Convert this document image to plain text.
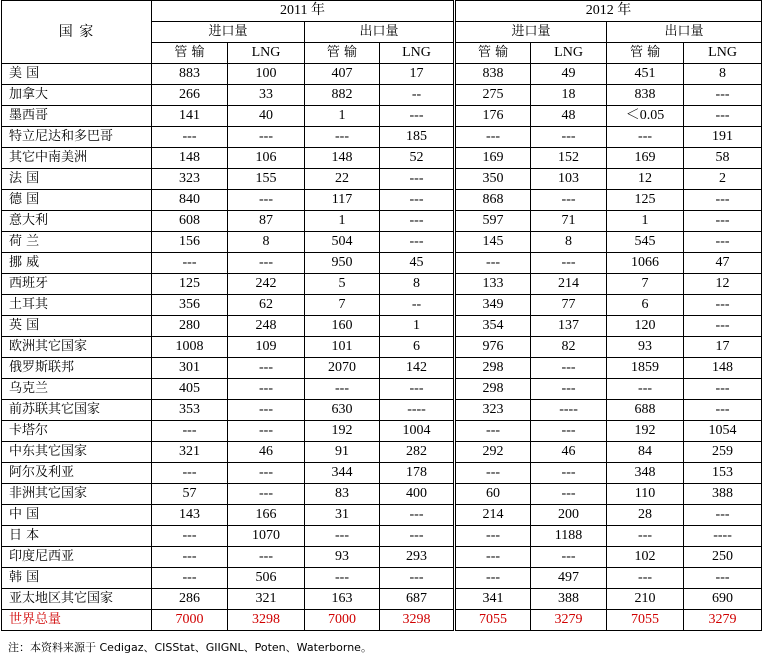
国 家	2011 年				2012 年			
	进口量		出口量		进口量		出口量	
	管 输	LNG	管 输	LNG	管 输	LNG	管 输	LNG
美 国	883	100	407	17	838	49	451	8
加拿大	266	33	882	--	275	18	838	---
墨西哥	141	40	1	---	176	48	＜0.05	---
特立尼达和多巴哥	---	---	---	185	---	---	---	191
其它中南美洲	148	106	148	52	169	152	169	58
法 国	323	155	22	---	350	103	12	2
德 国	840	---	117	---	868	---	125	---
意大利	608	87	1	---	597	71	1	---
荷 兰	156	8	504	---	145	8	545	---
挪 威	---	---	950	45	---	---	1066	47
西班牙	125	242	5	8	133	214	7	12
土耳其	356	62	7	--	349	77	6	---
英 国	280	248	160	1	354	137	120	---
欧洲其它国家	1008	109	101	6	976	82	93	17
俄罗斯联邦	301	---	2070	142	298	---	1859	148
乌克兰	405	---	---	---	298	---	---	---
前苏联其它国家	353	---	630	----	323	----	688	---
卡塔尔	---	---	192	1004	---	---	192	1054
中东其它国家	321	46	91	282	292	46	84	259
阿尔及利亚	---	---	344	178	---	---	348	153
非洲其它国家	57	---	83	400	60	---	110	388
中 国	143	166	31	---	214	200	28	---
日 本	---	1070	---	---	---	1188	---	----
印度尼西亚	---	---	93	293	---	---	102	250
韩 国	---	506	---	---	---	497	---	---
亚太地区其它国家	286	321	163	687	341	388	210	690
世界总量	7000	3298	7000	3298	7055	3279	7055	3279
注：本资料来源于 Cedigaz、CISStat、GIIGNL、Poten、Waterborne。
